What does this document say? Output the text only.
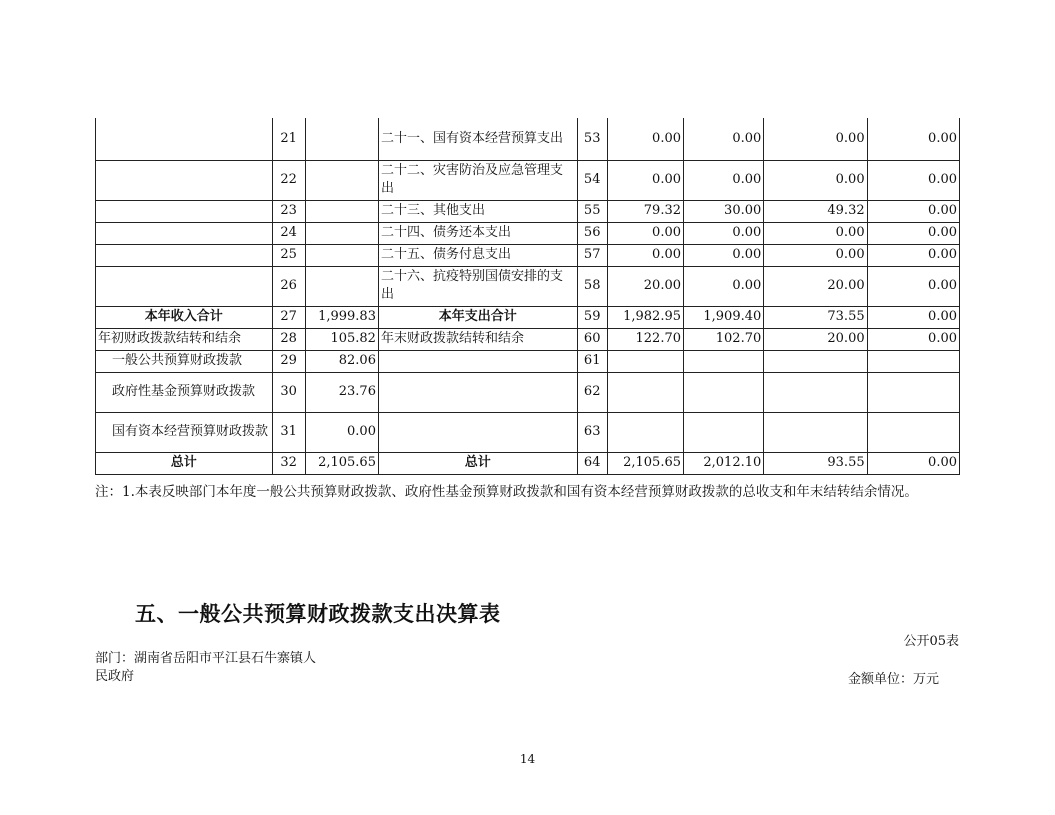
	21		二十一、国有资本经营预算支出	53	0.00	0.00	0.00	0.00
	22		二十二、灾害防治及应急管理支出	54	0.00	0.00	0.00	0.00
	23		二十三、其他支出	55	79.32	30.00	49.32	0.00
	24		二十四、债务还本支出	56	0.00	0.00	0.00	0.00
	25		二十五、债务付息支出	57	0.00	0.00	0.00	0.00
	26		二十六、抗疫特别国债安排的支出	58	20.00	0.00	20.00	0.00
本年收入合计	27	1,999.83	本年支出合计	59	1,982.95	1,909.40	73.55	0.00
年初财政拨款结转和结余	28	105.82	年末财政拨款结转和结余	60	122.70	102.70	20.00	0.00
一般公共预算财政拨款	29	82.06		61				
政府性基金预算财政拨款	30	23.76		62				
国有资本经营预算财政拨款	31	0.00		63				
总计	32	2,105.65	总计	64	2,105.65	2,012.10	93.55	0.00
注：1.本表反映部门本年度一般公共预算财政拨款、政府性基金预算财政拨款和国有资本经营预算财政拨款的总收支和年末结转结余情况。
五、一般公共预算财政拨款支出决算表
公开05表
部门：湖南省岳阳市平江县石牛寨镇人民政府	金额单位：万元
14
